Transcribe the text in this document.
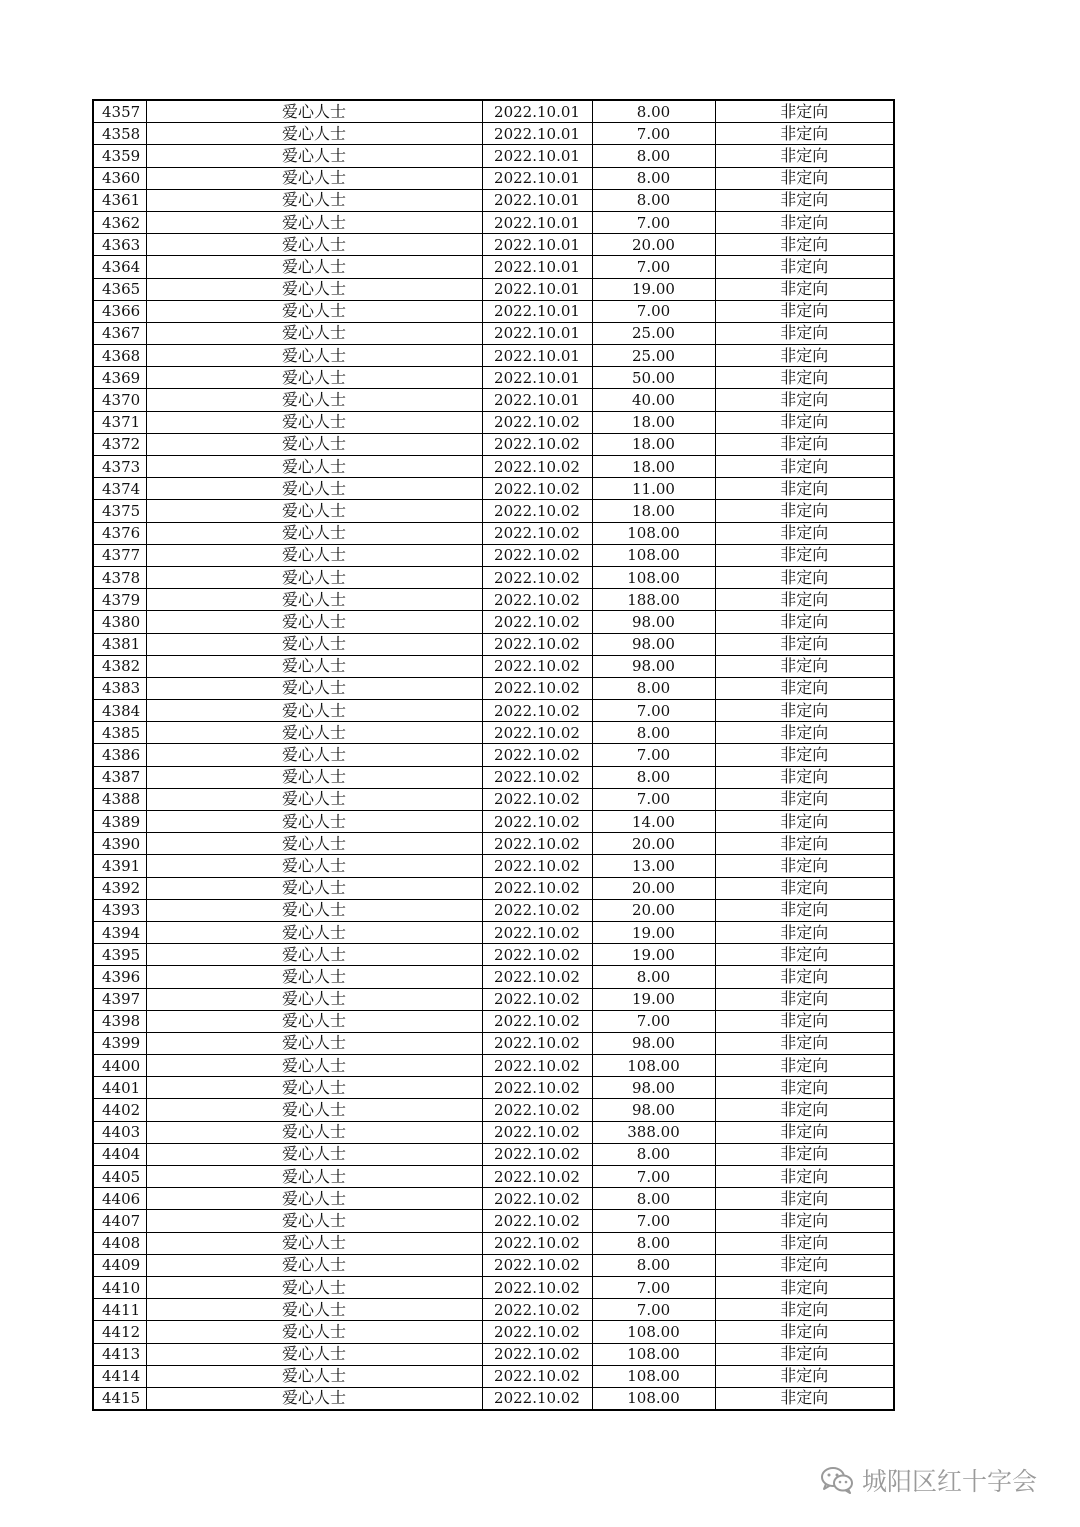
4357	爱心人士	2022.10.01	8.00	非定向
4358	爱心人士	2022.10.01	7.00	非定向
4359	爱心人士	2022.10.01	8.00	非定向
4360	爱心人士	2022.10.01	8.00	非定向
4361	爱心人士	2022.10.01	8.00	非定向
4362	爱心人士	2022.10.01	7.00	非定向
4363	爱心人士	2022.10.01	20.00	非定向
4364	爱心人士	2022.10.01	7.00	非定向
4365	爱心人士	2022.10.01	19.00	非定向
4366	爱心人士	2022.10.01	7.00	非定向
4367	爱心人士	2022.10.01	25.00	非定向
4368	爱心人士	2022.10.01	25.00	非定向
4369	爱心人士	2022.10.01	50.00	非定向
4370	爱心人士	2022.10.01	40.00	非定向
4371	爱心人士	2022.10.02	18.00	非定向
4372	爱心人士	2022.10.02	18.00	非定向
4373	爱心人士	2022.10.02	18.00	非定向
4374	爱心人士	2022.10.02	11.00	非定向
4375	爱心人士	2022.10.02	18.00	非定向
4376	爱心人士	2022.10.02	108.00	非定向
4377	爱心人士	2022.10.02	108.00	非定向
4378	爱心人士	2022.10.02	108.00	非定向
4379	爱心人士	2022.10.02	188.00	非定向
4380	爱心人士	2022.10.02	98.00	非定向
4381	爱心人士	2022.10.02	98.00	非定向
4382	爱心人士	2022.10.02	98.00	非定向
4383	爱心人士	2022.10.02	8.00	非定向
4384	爱心人士	2022.10.02	7.00	非定向
4385	爱心人士	2022.10.02	8.00	非定向
4386	爱心人士	2022.10.02	7.00	非定向
4387	爱心人士	2022.10.02	8.00	非定向
4388	爱心人士	2022.10.02	7.00	非定向
4389	爱心人士	2022.10.02	14.00	非定向
4390	爱心人士	2022.10.02	20.00	非定向
4391	爱心人士	2022.10.02	13.00	非定向
4392	爱心人士	2022.10.02	20.00	非定向
4393	爱心人士	2022.10.02	20.00	非定向
4394	爱心人士	2022.10.02	19.00	非定向
4395	爱心人士	2022.10.02	19.00	非定向
4396	爱心人士	2022.10.02	8.00	非定向
4397	爱心人士	2022.10.02	19.00	非定向
4398	爱心人士	2022.10.02	7.00	非定向
4399	爱心人士	2022.10.02	98.00	非定向
4400	爱心人士	2022.10.02	108.00	非定向
4401	爱心人士	2022.10.02	98.00	非定向
4402	爱心人士	2022.10.02	98.00	非定向
4403	爱心人士	2022.10.02	388.00	非定向
4404	爱心人士	2022.10.02	8.00	非定向
4405	爱心人士	2022.10.02	7.00	非定向
4406	爱心人士	2022.10.02	8.00	非定向
4407	爱心人士	2022.10.02	7.00	非定向
4408	爱心人士	2022.10.02	8.00	非定向
4409	爱心人士	2022.10.02	8.00	非定向
4410	爱心人士	2022.10.02	7.00	非定向
4411	爱心人士	2022.10.02	7.00	非定向
4412	爱心人士	2022.10.02	108.00	非定向
4413	爱心人士	2022.10.02	108.00	非定向
4414	爱心人士	2022.10.02	108.00	非定向
4415	爱心人士	2022.10.02	108.00	非定向
城阳区红十字会
